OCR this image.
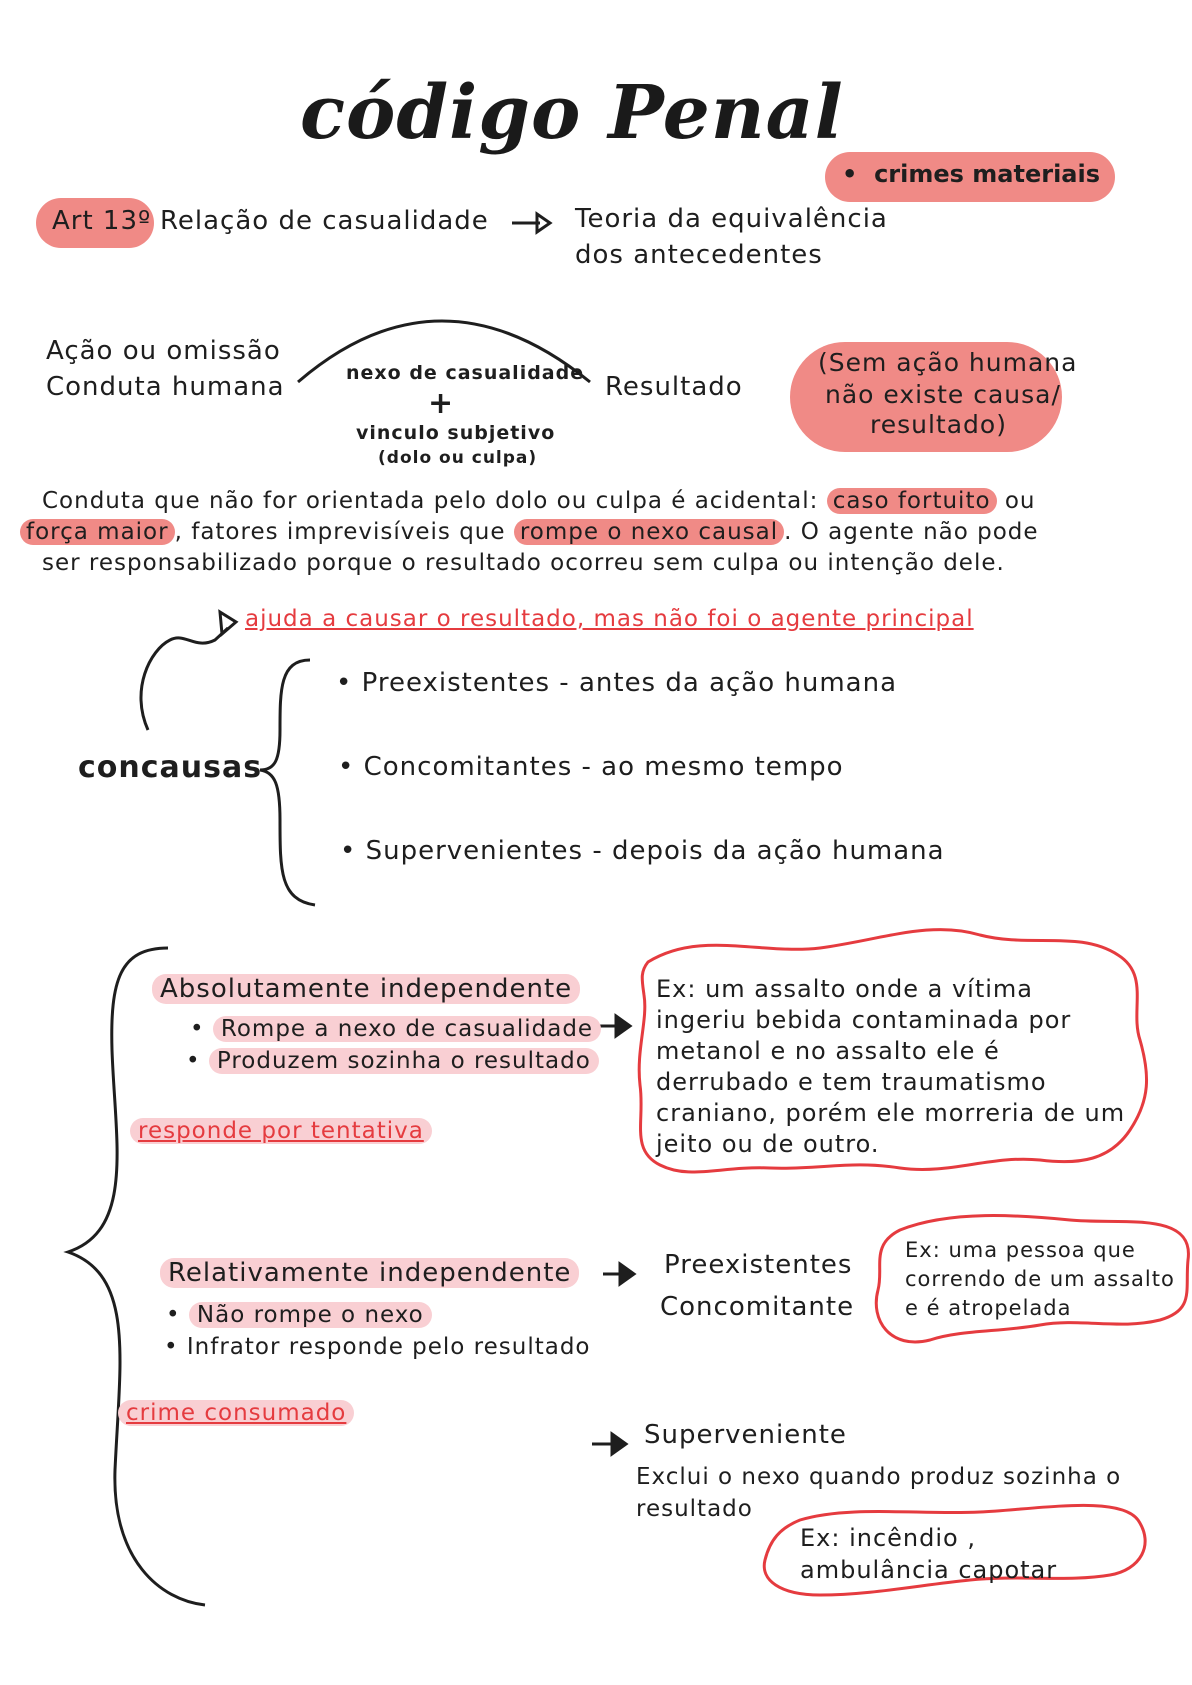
código Penal
•  crimes materiais
Art 13º Relação de casualidade	Teoria da equivalência
dos antecedentes
Ação ou omissão
Conduta humana	nexo de casualidade
+
vinculo subjetivo
(dolo ou culpa)
Resultado
(Sem ação humana
não existe causa/
resultado)
Conduta que não for orientada pelo dolo ou culpa é acidental: caso fortuito ou
força maior , fatores imprevisíveis que rompe o nexo causal . O agente não pode
ser responsabilizado porque o resultado ocorreu sem culpa ou intenção dele.
ajuda a causar o resultado, mas não foi o agente principal
concausas
• Preexistentes - antes da ação humana
• Concomitantes - ao mesmo tempo
• Supervenientes - depois da ação humana
Absolutamente independente
• Rompe a nexo de casualidade
• Produzem sozinha o resultado
responde por tentativa
Ex: um assalto onde a vítima ingeriu bebida contaminada por metanol e no assalto ele é derrubado e tem traumatismo craniano, porém ele morreria de um jeito ou de outro.
Relativamente independente
• Não rompe o nexo
• Infrator responde pelo resultado
crime consumado
Preexistentes
Concomitante
Ex: uma pessoa que correndo de um assalto e é atropelada
Superveniente
Exclui o nexo quando produz sozinha o
resultado
Ex: incêndio , ambulância capotar
